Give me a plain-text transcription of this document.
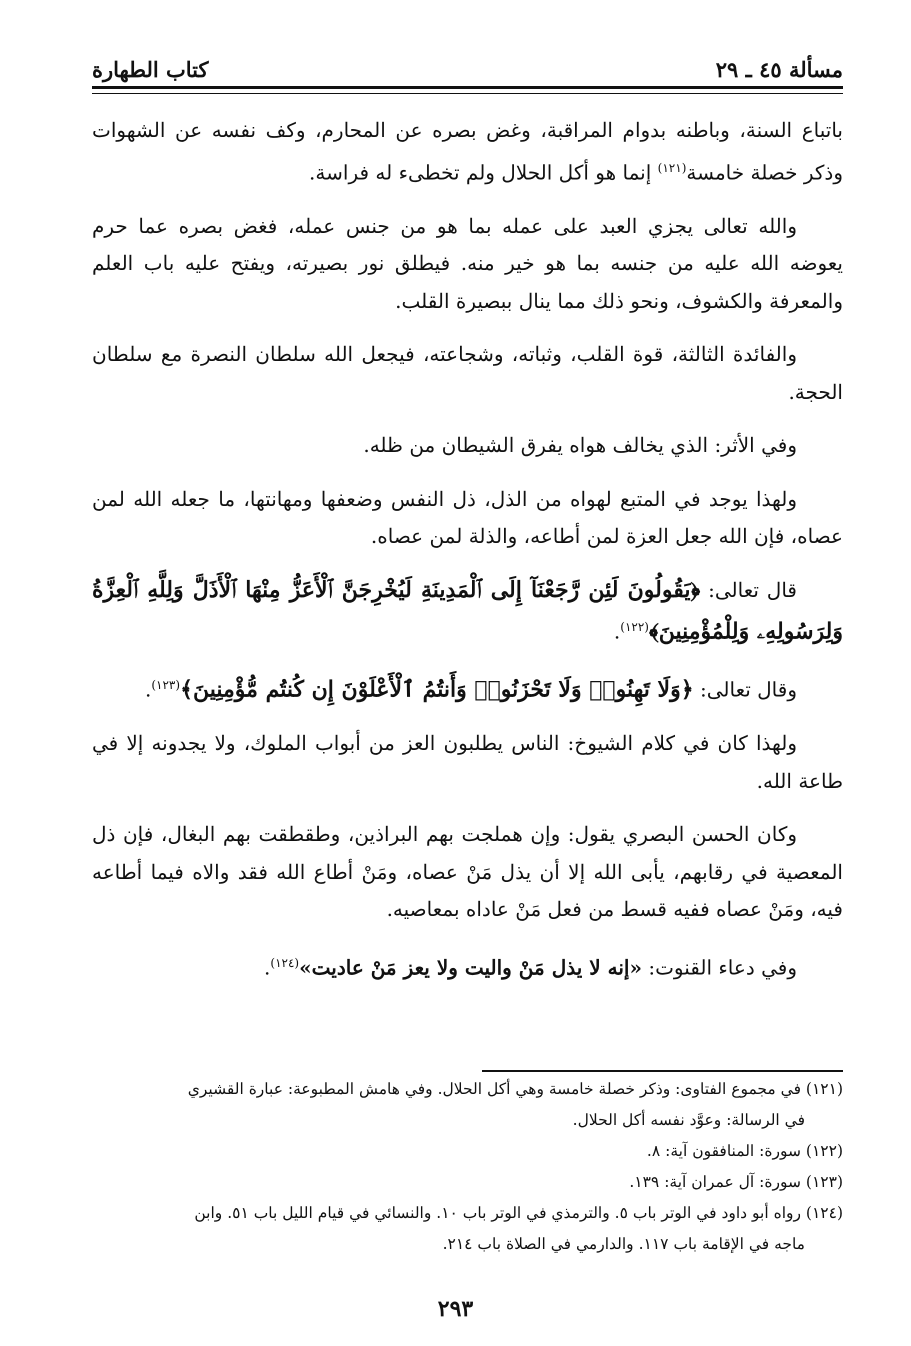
مسألة ٤٥ ـ ٢٩
كتاب الطهارة

باتباع السنة، وباطنه بدوام المراقبة، وغض بصره عن المحارم، وكف نفسه عن الشهوات وذكر خصلة خامسة$^{(١٢١)}$ إنما هو أكل الحلال ولم تخطىء له فراسة.

والله تعالى يجزي العبد على عمله بما هو من جنس عمله، فغض بصره عما حرم يعوضه الله عليه من جنسه بما هو خير منه. فيطلق نور بصيرته، ويفتح عليه باب العلم والمعرفة والكشوف، ونحو ذلك مما ينال ببصيرة القلب.

والفائدة الثالثة، قوة القلب، وثباته، وشجاعته، فيجعل الله سلطان النصرة مع سلطان الحجة.

وفي الأثر: الذي يخالف هواه يفرق الشيطان من ظله.

ولهذا يوجد في المتبع لهواه من الذل، ذل النفس وضعفها ومهانتها، ما جعله الله لمن عصاه، فإن الله جعل العزة لمن أطاعه، والذلة لمن عصاه.

قال تعالى: ﴿يَقُولُونَ لَئِن رَّجَعْنَآ إِلَى ٱلْمَدِينَةِ لَيُخْرِجَنَّ ٱلْأَعَزُّ مِنْهَا ٱلْأَذَلَّ وَلِلَّهِ ٱلْعِزَّةُ وَلِرَسُولِهِۦ وَلِلْمُؤْمِنِينَ﴾$^{(١٢٢)}$.

وقال تعالى: ﴿وَلَا تَهِنُوا۟ وَلَا تَحْزَنُوا۟ وَأَنتُمُ ٱلْأَعْلَوْنَ إِن كُنتُم مُّؤْمِنِينَ﴾$^{(١٢٣)}$.

ولهذا كان في كلام الشيوخ: الناس يطلبون العز من أبواب الملوك، ولا يجدونه إلا في طاعة الله.

وكان الحسن البصري يقول: وإن هملجت بهم البراذين، وطقطقت بهم البغال، فإن ذل المعصية في رقابهم، يأبى الله إلا أن يذل مَنْ عصاه، ومَنْ أطاع الله فقد والاه فيما أطاعه فيه، ومَنْ عصاه ففيه قسط من فعل مَنْ عاداه بمعاصيه.

وفي دعاء القنوت: «إنه لا يذل مَنْ واليت ولا يعز مَنْ عاديت»$^{(١٢٤)}$.

(١٢١) في مجموع الفتاوى: وذكر خصلة خامسة وهي أكل الحلال. وفي هامش المطبوعة: عبارة القشيري

في الرسالة: وعوَّد نفسه أكل الحلال.

(١٢٢) سورة: المنافقون آية: ٨.

(١٢٣) سورة: آل عمران آية: ١٣٩.

(١٢٤) رواه أبو داود في الوتر باب ٥. والترمذي في الوتر باب ١٠. والنسائي في قيام الليل باب ٥١. وابن

ماجه في الإقامة باب ١١٧. والدارمي في الصلاة باب ٢١٤.

٢٩٣
